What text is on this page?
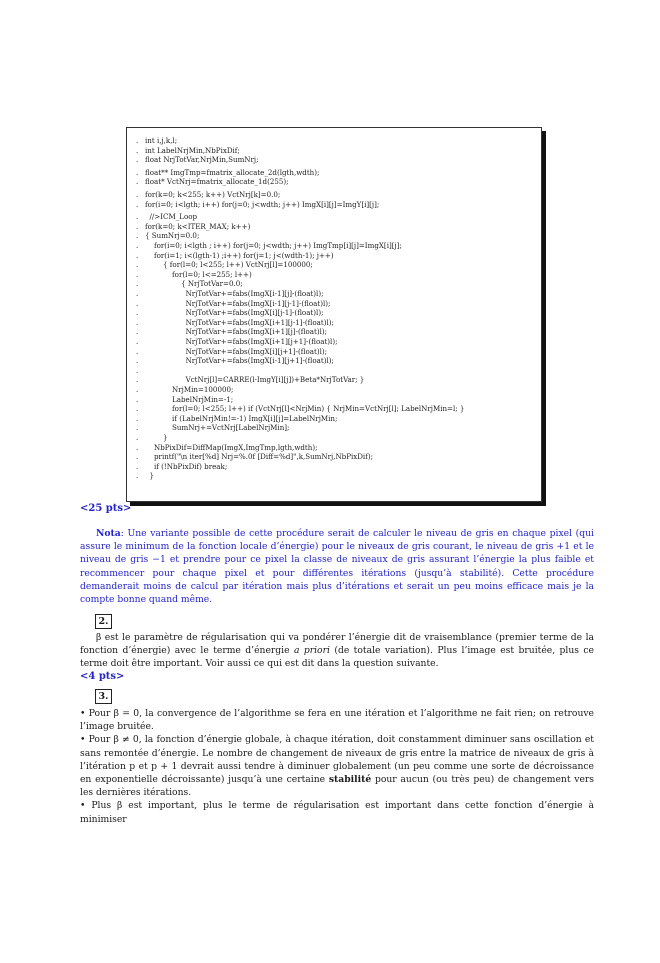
. int i,j,k,l;
. int LabelNrjMin,NbPixDif;
. float NrjTotVar,NrjMin,SumNrj;
. float** ImgTmp=fmatrix_allocate_2d(lgth,wdth);
. float* VctNrj=fmatrix_allocate_1d(255);
. for(k=0; k<255; k++) VctNrj[k]=0.0;
. for(i=0; i<lgth; i++) for(j=0; j<wdth; j++) ImgX[i][j]=ImgY[i][j];
. //>ICM_Loop
. for(k=0; k<ITER_MAX; k++)
. { SumNrj=0.0;
. for(i=0; i<lgth ; i++) for(j=0; j<wdth; j++) ImgTmp[i][j]=ImgX[i][j];
. for(i=1; i<(lgth-1) ;i++) for(j=1; j<(wdth-1); j++)
. { for(l=0; l<255; l++) VctNrj[l]=100000;
. for(l=0; l<=255; l++)
. { NrjTotVar=0.0;
. NrjTotVar+=fabs(ImgX[i-1][j]-(float)l);
. NrjTotVar+=fabs(ImgX[i-1][j-1]-(float)l);
. NrjTotVar+=fabs(ImgX[i][j-1]-(float)l);
. NrjTotVar+=fabs(ImgX[i+1][j-1]-(float)l);
. NrjTotVar+=fabs(ImgX[i+1][j]-(float)l);
. NrjTotVar+=fabs(ImgX[i+1][j+1]-(float)l);
. NrjTotVar+=fabs(ImgX[i][j+1]-(float)l);
. NrjTotVar+=fabs(ImgX[i-1][j+1]-(float)l);
.
. VctNrj[l]=CARRE(l-ImgY[i][j])+Beta*NrjTotVar; }
. NrjMin=100000;
. LabelNrjMin=-1;
. for(l=0; l<255; l++) if (VctNrj[l]<NrjMin) { NrjMin=VctNrj[l]; LabelNrjMin=l; }
. if (LabelNrjMin!=-1) ImgX[i][j]=LabelNrjMin;
. SumNrj+=VctNrj[LabelNrjMin];
. }
. NbPixDif=DiffMap(ImgX,ImgTmp,lgth,wdth);
. printf("\n iter[%d] Nrj=%.0f [Diff=%d]",k,SumNrj,NbPixDif);
. if (!NbPixDif) break;
. }
<25 pts>
Nota: Une variante possible de cette procédure serait de calculer le niveau de gris en chaque pixel (qui assure le minimum de la fonction locale d’énergie) pour le niveaux de gris courant, le niveau de gris +1 et le niveau de gris −1 et prendre pour ce pixel la classe de niveaux de gris assurant l’énergie la plus faible et recommencer pour chaque pixel et pour différentes itérations (jusqu’à stabilité). Cette procédure demanderait moins de calcul par itération mais plus d’itérations et serait un peu moins efficace mais je la compte bonne quand même.
2.
β est le paramètre de régularisation qui va pondérer l’énergie dit de vraisemblance (premier terme de la fonction d’énergie) avec le terme d’énergie a priori (de totale variation). Plus l’image est bruitée, plus ce terme doit être important. Voir aussi ce qui est dit dans la question suivante.
<4 pts>
3.
• Pour β = 0, la convergence de l’algorithme se fera en une itération et l’algorithme ne fait rien; on retrouve l’image bruitée.
• Pour β ≠ 0, la fonction d’énergie globale, à chaque itération, doit constamment diminuer sans oscillation et sans remontée d’énergie. Le nombre de changement de niveaux de gris entre la matrice de niveaux de gris à l’itération p et p + 1 devrait aussi tendre à diminuer globalement (un peu comme une sorte de décroissance en exponentielle décroissante) jusqu’à une certaine stabilité pour aucun (ou très peu) de changement vers les dernières itérations.
• Plus β est important, plus le terme de régularisation est important dans cette fonction d’énergie à minimiser
